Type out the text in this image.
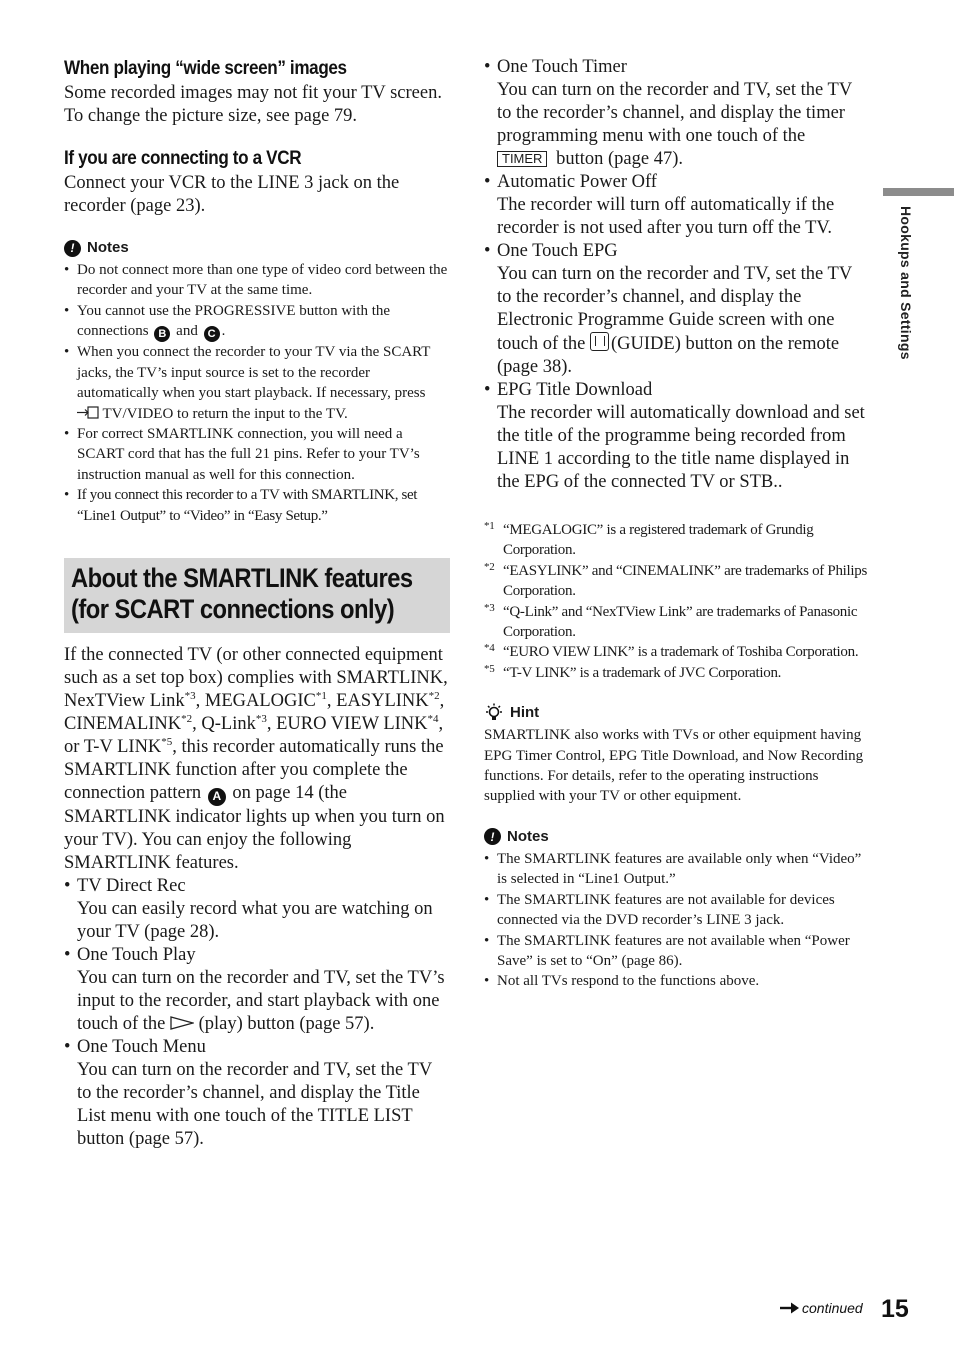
When playing “wide screen” images

Some recorded images may not fit your TV screen. To change the picture size, see page 79.

If you are connecting to a VCR

Connect your VCR to the LINE 3 jack on the recorder (page 23).

! Notes
• Do not connect more than one type of video cord between the recorder and your TV at the same time.
• You cannot use the PROGRESSIVE button with the connections B and C .
• When you connect the recorder to your TV via the SCART jacks, the TV’s input source is set to the recorder automatically when you start playback. If necessary, press  TV/VIDEO to return the input to the TV.
• For correct SMARTLINK connection, you will need a SCART cord that has the full 21 pins. Refer to your TV’s instruction manual as well for this connection.
• If you connect this recorder to a TV with SMARTLINK, set “Line1 Output” to “Video” in “Easy Setup.”
About the SMARTLINK features
(for SCART connections only)

If the connected TV (or other connected equipment such as a set top box) complies with SMARTLINK, NexTView Link$^{*3}$, MEGALOGIC$^{*1}$, EASYLINK$^{*2}$, CINEMALINK$^{*2}$, Q-Link$^{*3}$, EURO VIEW LINK$^{*4}$, or T-V LINK$^{*5}$, this recorder automatically runs the SMARTLINK function after you complete the connection pattern A on page 14 (the SMARTLINK indicator lights up when you turn on your TV). You can enjoy the following SMARTLINK features.

• TV Direct Rec
You can easily record what you are watching on your TV (page 28).
• One Touch Play
You can turn on the recorder and TV, set the TV’s input to the recorder, and start playback with one touch of the (play) button (page 57).
• One Touch Menu
You can turn on the recorder and TV, set the TV to the recorder’s channel, and display the Title List menu with one touch of the TITLE LIST button (page 57).
• One Touch Timer
You can turn on the recorder and TV, set the TV to the recorder’s channel, and display the timer programming menu with one touch of the
TIMER button (page 47).
• Automatic Power Off
The recorder will turn off automatically if the recorder is not used after you turn off the TV.
• One Touch EPG
You can turn on the recorder and TV, set the TV to the recorder’s channel, and display the Electronic Programme Guide screen with one touch of the (GUIDE) button on the remote (page 38).
• EPG Title Download
The recorder will automatically download and set the title of the programme being recorded from LINE 1 according to the title name displayed in the EPG of the connected TV or STB..
*1 “MEGALOGIC” is a registered trademark of Grundig Corporation.
*2 “EASYLINK” and “CINEMALINK” are trademarks of Philips Corporation.
*3 “Q-Link” and “NexTView Link” are trademarks of Panasonic Corporation.
*4 “EURO VIEW LINK” is a trademark of Toshiba Corporation.
*5 “T-V LINK” is a trademark of JVC Corporation.
Hint

SMARTLINK also works with TVs or other equipment having EPG Timer Control, EPG Title Download, and Now Recording functions. For details, refer to the operating instructions supplied with your TV or other equipment.

! Notes
• The SMARTLINK features are available only when “Video” is selected in “Line1 Output.”
• The SMARTLINK features are not available for devices connected via the DVD recorder’s LINE 3 jack.
• The SMARTLINK features are not available when “Power Save” is set to “On” (page 86).
• Not all TVs respond to the functions above.
Hookups and Settings
continued 15
